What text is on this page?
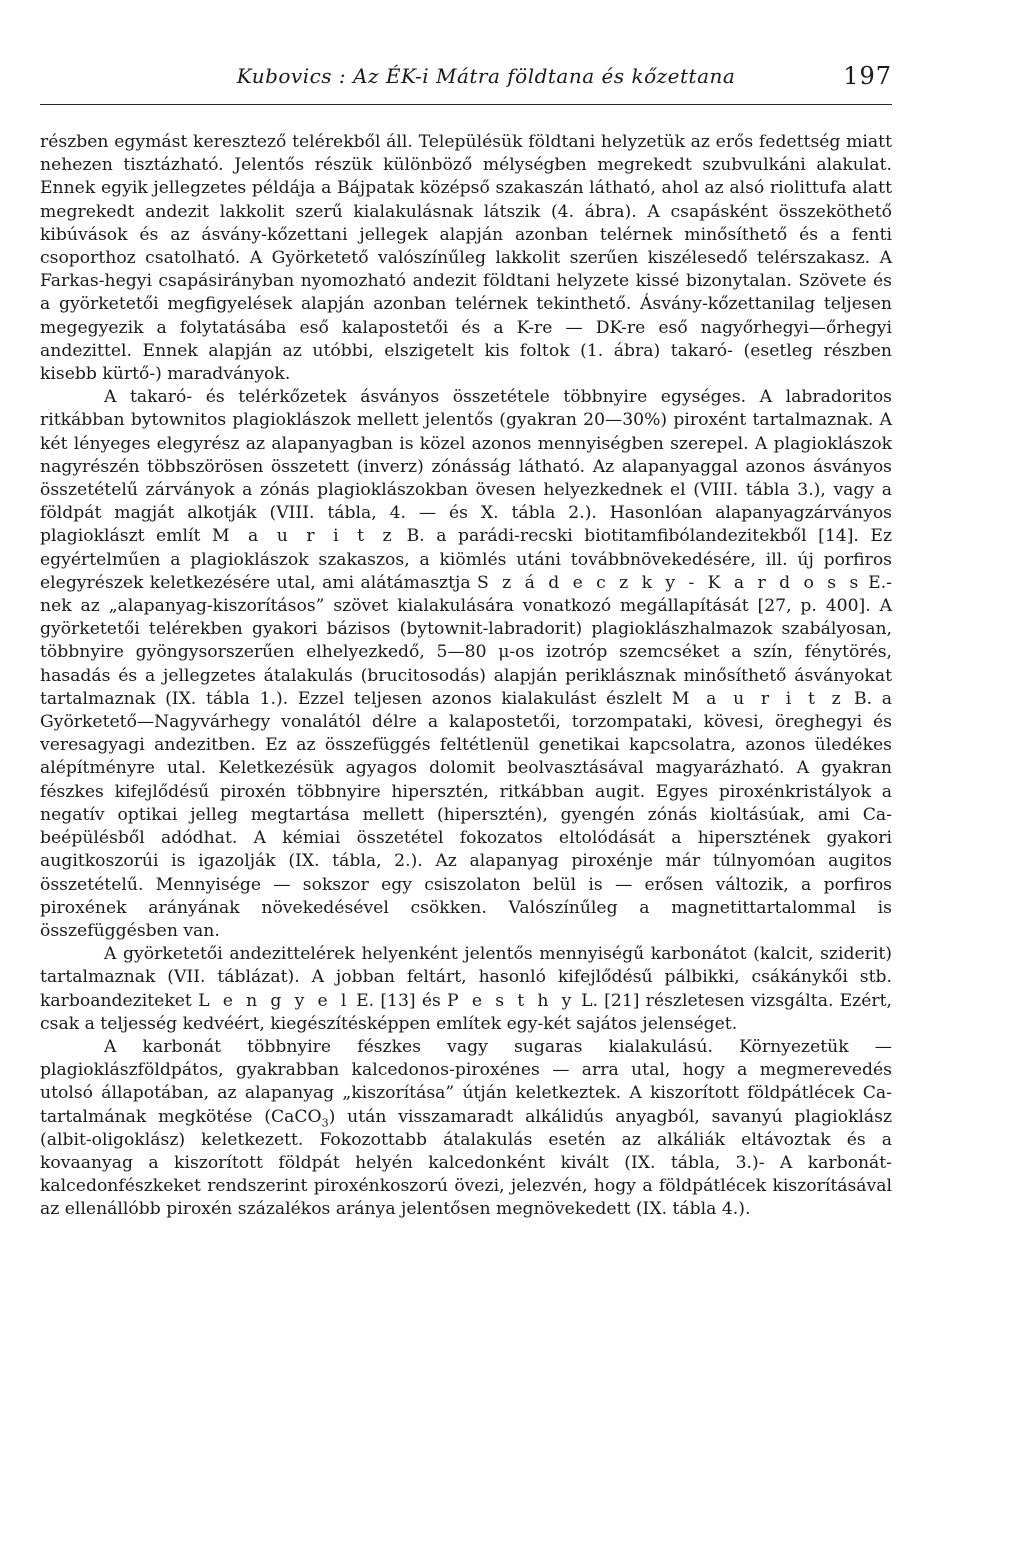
Kubovics : Az ÉK-i Mátra földtana és kőzettana	197

részben egymást keresztező telérekből áll. Településük földtani helyzetük az erős fedettség miatt nehezen tisztázható. Jelentős részük különböző mélységben megrekedt szubvulkáni alakulat. Ennek egyik jellegzetes példája a Bájpatak középső szakaszán látható, ahol az alsó riolittufa alatt megrekedt andezit lakkolit szerű kialakulásnak látszik (4. ábra). A csapásként összeköthető kibúvások és az ásvány-kőzettani jellegek alapján azonban telérnek minősíthető és a fenti csoporthoz csatolható. A Györketető valószínűleg lakkolit szerűen kiszélesedő telérszakasz. A Farkas-hegyi csapásirányban nyomozható andezit földtani helyzete kissé bizonytalan. Szövete és a györketetői megfigyelések alapján azonban telérnek tekinthető. Ásvány-kőzettanilag teljesen megegyezik a folytatásába eső kalapostetői és a K-re — DK-re eső nagyőrhegyi—őrhegyi andezittel. Ennek alapján az utóbbi, elszigetelt kis foltok (1. ábra) takaró- (esetleg részben kisebb kürtő-) maradványok.

A takaró- és telérkőzetek ásványos összetétele többnyire egységes. A labradoritos ritkábban bytownitos plagioklászok mellett jelentős (gyakran 20—30%) piroxént tartalmaznak. A két lényeges elegyrész az alapanyagban is közel azonos mennyiségben szerepel. A plagioklászok nagyrészén többszörösen összetett (inverz) zónásság látható. Az alapanyaggal azonos ásványos összetételű zárványok a zónás plagioklászokban övesen helyezkednek el (VIII. tábla 3.), vagy a földpát magját alkotják (VIII. tábla, 4. — és X. tábla 2.). Hasonlóan alapanyagzárványos plagioklászt említ M a u r i t z B. a parádi-recski biotitamfibólandezitekből [14]. Ez egyértelműen a plagioklászok szakaszos, a kiömlés utáni továbbnövekedésére, ill. új porfiros elegyrészek keletkezésére utal, ami alátámasztja S z á d e c z k y - K a r d o s s E.-nek az „alapanyag-kiszorításos” szövet kialakulására vonatkozó megállapítását [27, p. 400]. A györketetői telérekben gyakori bázisos (bytownit-labradorit) plagioklászhalmazok szabályosan, többnyire gyöngysorszerűen elhelyezkedő, 5—80 μ-os izotróp szemcséket a szín, fénytörés, hasadás és a jellegzetes átalakulás (brucitosodás) alapján periklásznak minősíthető ásványokat tartalmaznak (IX. tábla 1.). Ezzel teljesen azonos kialakulást észlelt M a u r i t z B. a Györketető—Nagyvárhegy vonalától délre a kalapostetői, torzompataki, kövesi, öreghegyi és veresagyagi andezitben. Ez az összefüggés feltétlenül genetikai kapcsolatra, azonos üledékes alépítményre utal. Keletkezésük agyagos dolomit beolvasztásával magyarázható. A gyakran fészkes kifejlődésű piroxén többnyire hipersztén, ritkábban augit. Egyes piroxénkristályok a negatív optikai jelleg megtartása mellett (hipersztén), gyengén zónás kioltásúak, ami Ca-beépülésből adódhat. A kémiai összetétel fokozatos eltolódását a hipersztének gyakori augitkoszorúi is igazolják (IX. tábla, 2.). Az alapanyag piroxénje már túlnyomóan augitos összetételű. Mennyisége — sokszor egy csiszolaton belül is — erősen változik, a porfiros piroxének arányának növekedésével csökken. Valószínűleg a magnetittartalommal is összefüggésben van.

A györketetői andezittelérek helyenként jelentős mennyiségű karbonátot (kalcit, sziderit) tartalmaznak (VII. táblázat). A jobban feltárt, hasonló kifejlődésű pálbikki, csákánykői stb. karboandeziteket L e n g y e l E. [13] és P e s t h y L. [21] részletesen vizsgálta. Ezért, csak a teljesség kedvéért, kiegészítésképpen említek egy-két sajátos jelenséget.

A karbonát többnyire fészkes vagy sugaras kialakulású. Környezetük — plagioklászföldpátos, gyakrabban kalcedonos-piroxénes — arra utal, hogy a megmerevedés utolsó állapotában, az alapanyag „kiszorítása” útján keletkeztek. A kiszorított földpátlécek Ca-tartalmának megkötése (CaCO$_3$) után visszamaradt alkálidús anyagból, savanyú plagioklász (albit-oligoklász) keletkezett. Fokozottabb átalakulás esetén az alkáliák eltávoztak és a kovaanyag a kiszorított földpát helyén kalcedonként kivált (IX. tábla, 3.)- A karbonát-kalcedonfészkeket rendszerint piroxénkoszorú övezi, jelezvén, hogy a földpátlécek kiszorításával az ellenállóbb piroxén százalékos aránya jelentősen megnövekedett (IX. tábla 4.).
